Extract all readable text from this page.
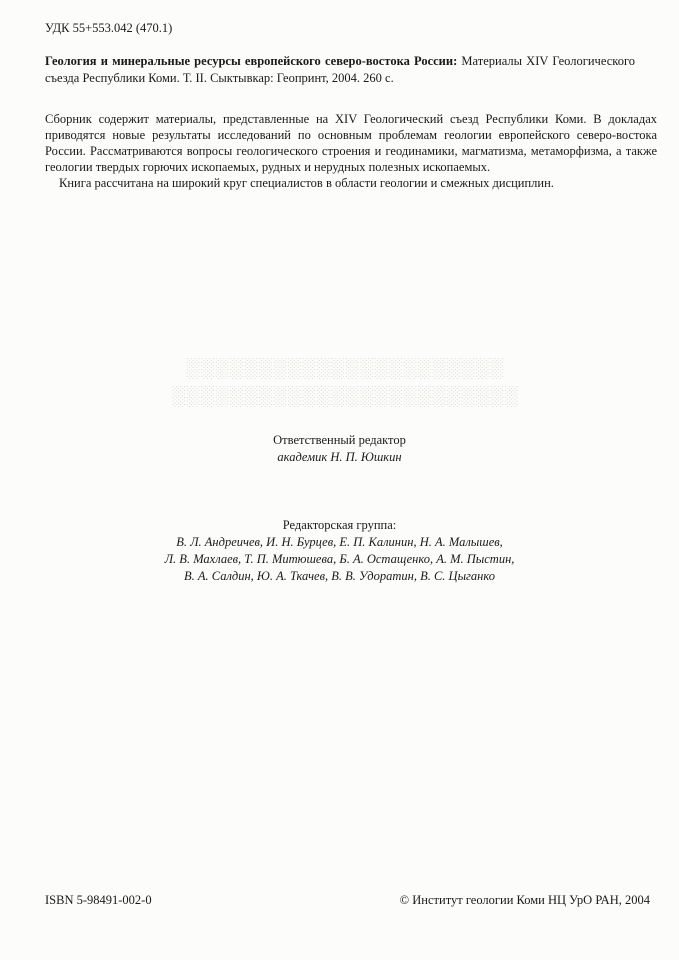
УДК 55+553.042 (470.1)
Геология и минеральные ресурсы европейского северо-востока России: Материалы XIV Геологического съезда Республики Коми. Т. II. Сыктывкар: Геопринт, 2004. 260 с.

Сборник содержит материалы, представленные на XIV Геологический съезд Республики Коми. В докладах приводятся новые результаты исследований по основным проблемам геологии европейского северо-востока России. Рассматриваются вопросы геологического строения и геодинамики, магматизма, метаморфизма, а также геологии твердых горючих ископаемых, рудных и нерудных полезных ископаемых.

Книга рассчитана на широкий круг специалистов в области геологии и смежных дисциплин.

░░░░░░░░░░░░░░░░░░░░░░
░░░░░░░░░░░░░░░░░░░░░░░░
Ответственный редактор
академик Н. П. Юшкин
Редакторская группа:
В. Л. Андреичев, И. Н. Бурцев, Е. П. Калинин, Н. А. Малышев,
Л. В. Махлаев, Т. П. Митюшева, Б. А. Остащенко, А. М. Пыстин,
В. А. Салдин, Ю. А. Ткачев, В. В. Удоратин, В. С. Цыганко
ISBN 5-98491-002-0	© Институт геологии Коми НЦ УрО РАН, 2004
